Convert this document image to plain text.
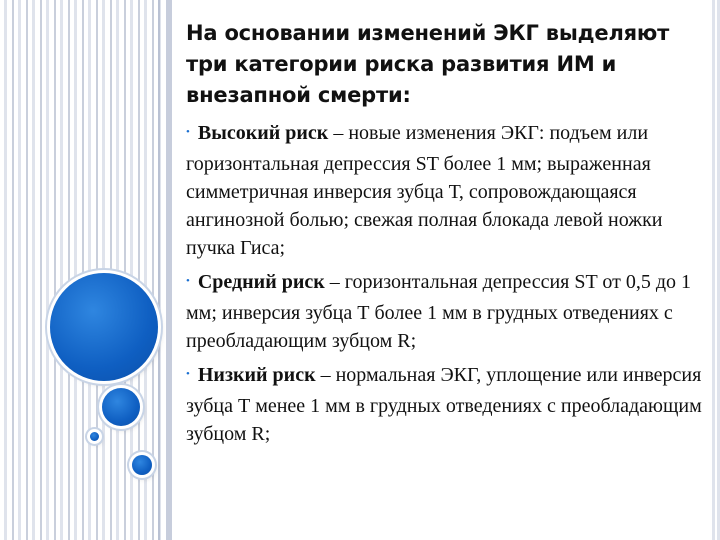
На основании изменений ЭКГ выделяют три категории риска развития ИМ и внезапной смерти:
• Высокий риск – новые изменения ЭКГ: подъем или горизонтальная депрессия ST более 1 мм; выраженная симметричная инверсия зубца Т, сопровождающаяся ангинозной болью; свежая полная блокада левой ножки пучка Гиса;
• Средний риск – горизонтальная депрессия ST от 0,5 до 1 мм; инверсия зубца Т более 1 мм в грудных отведениях с преобладающим зубцом R;
• Низкий риск – нормальная ЭКГ, уплощение или инверсия зубца Т менее 1 мм в грудных отведениях с преобладающим зубцом R;
